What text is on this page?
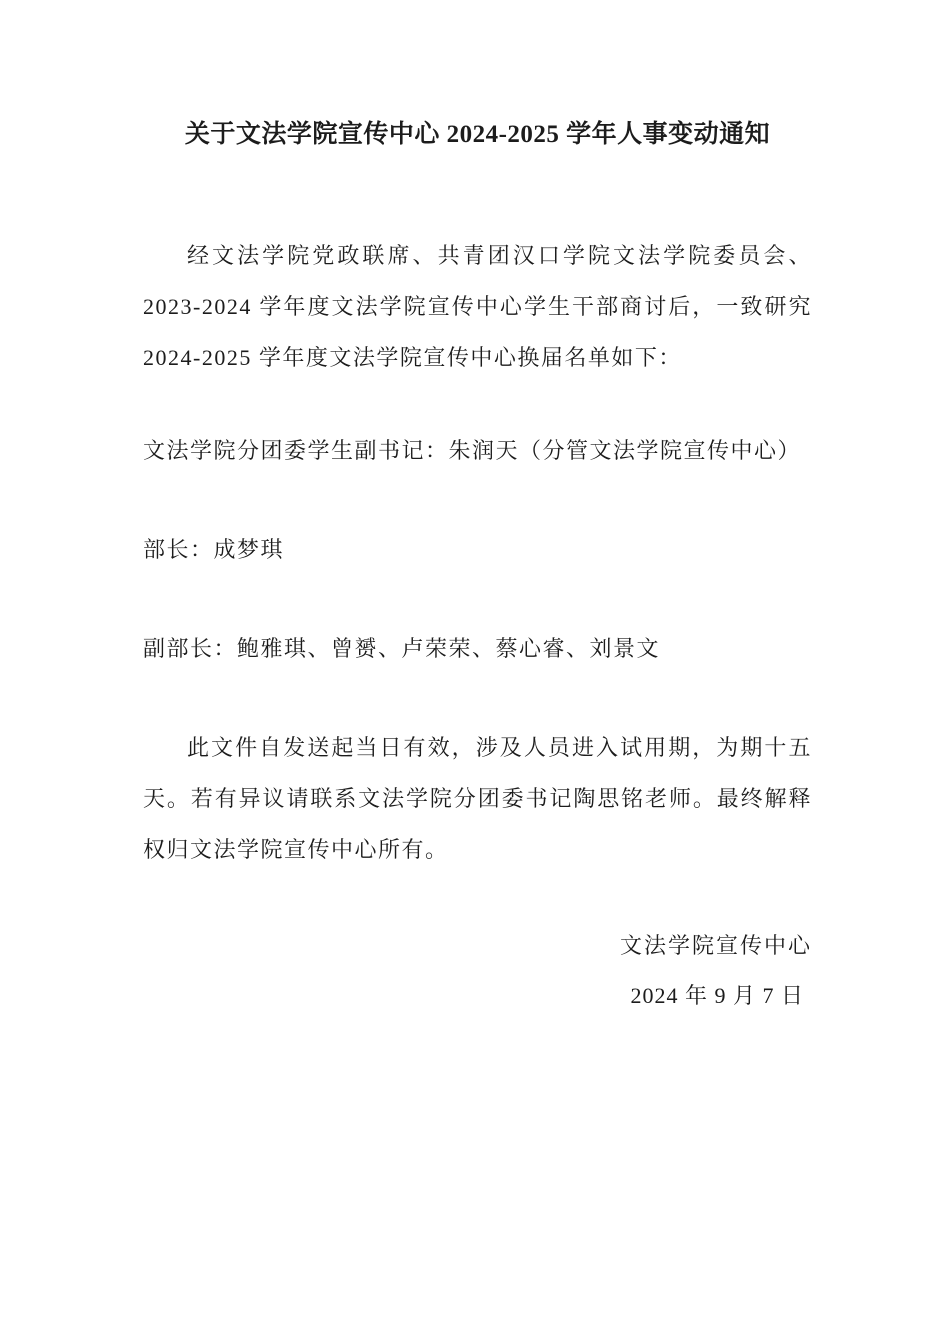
关于文法学院宣传中心 2024-2025 学年人事变动通知

经文法学院党政联席、共青团汉口学院文法学院委员会、2023-2024 学年度文法学院宣传中心学生干部商讨后，一致研究 2024-2025 学年度文法学院宣传中心换届名单如下：

文法学院分团委学生副书记：朱润天（分管文法学院宣传中心）

部长：成梦琪

副部长：鲍雅琪、曾赟、卢荣荣、蔡心睿、刘景文

此文件自发送起当日有效，涉及人员进入试用期，为期十五天。若有异议请联系文法学院分团委书记陶思铭老师。最终解释权归文法学院宣传中心所有。

文法学院宣传中心

2024 年 9 月 7 日
